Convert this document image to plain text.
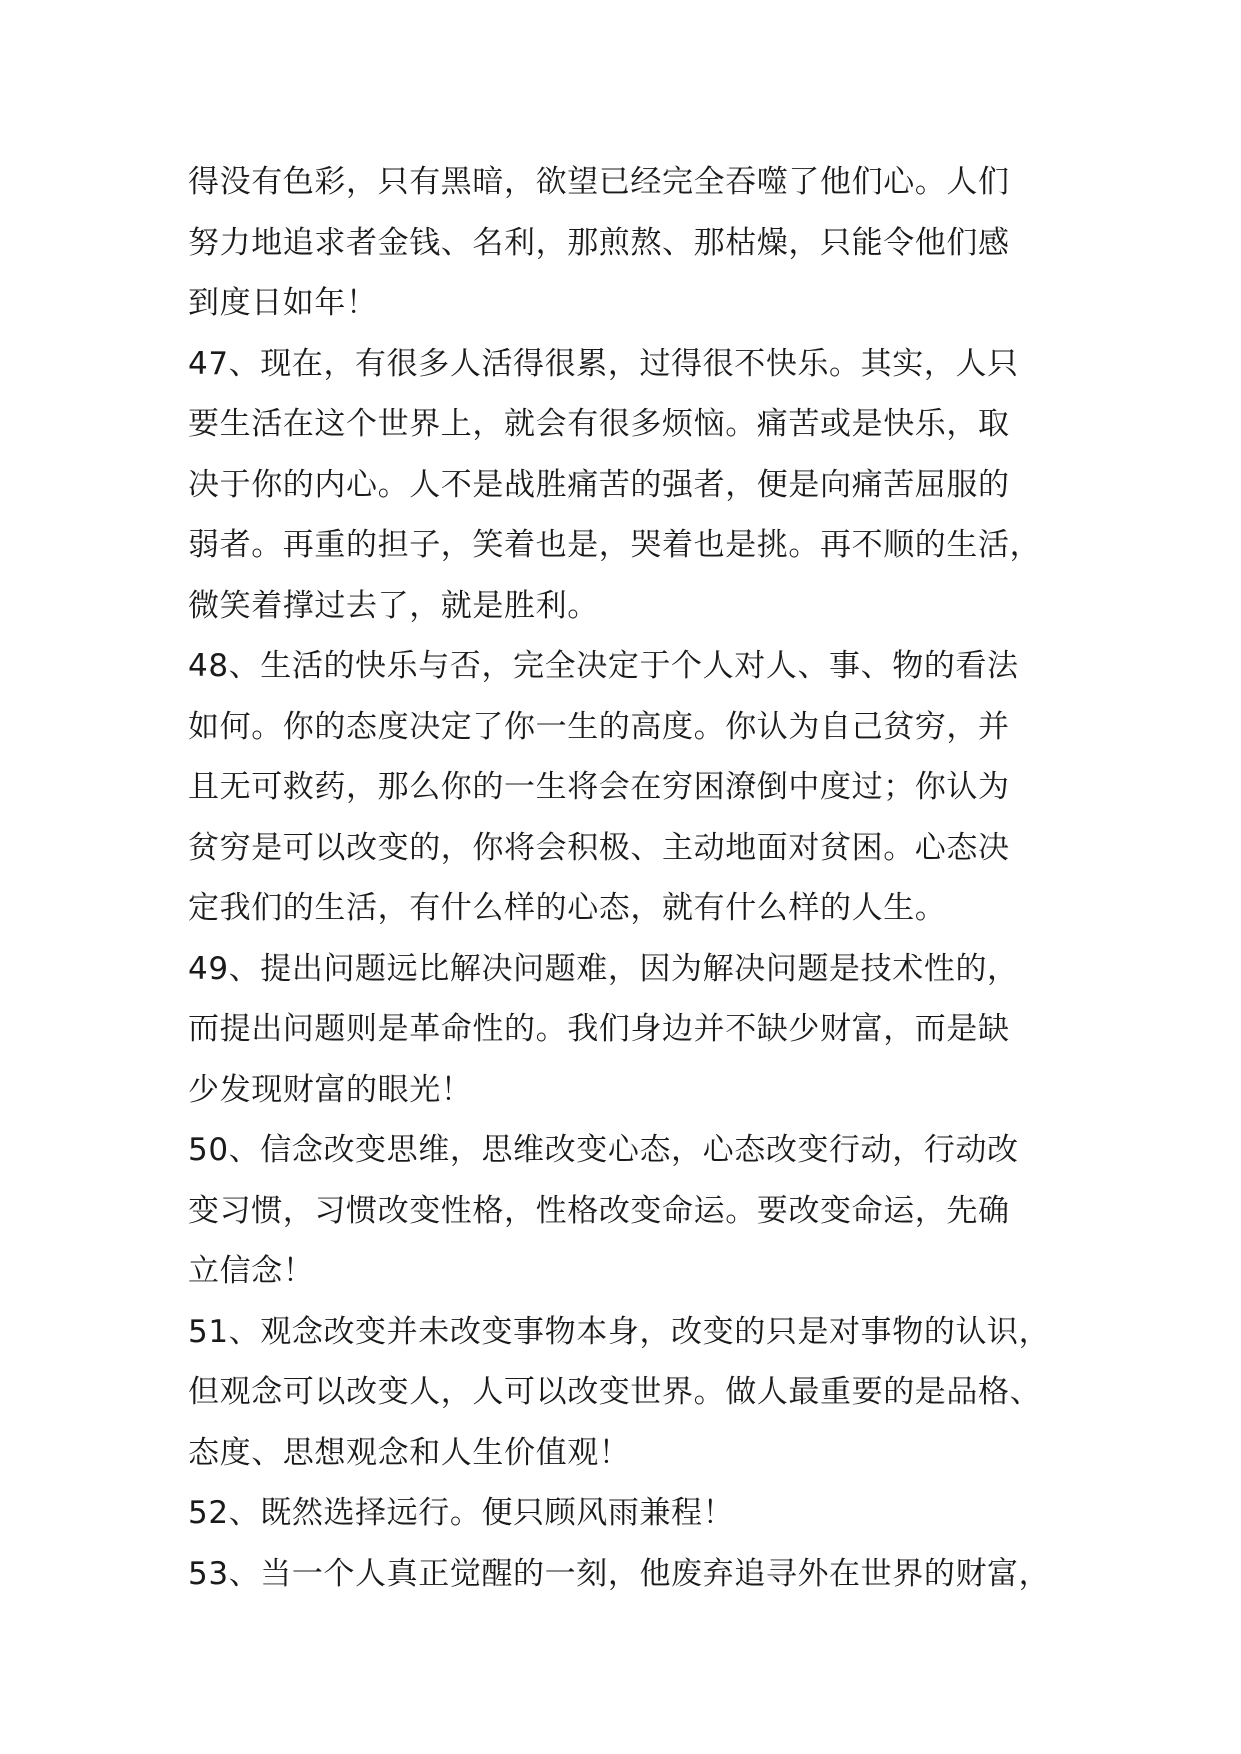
得没有色彩，只有黑暗，欲望已经完全吞噬了他们心。人们
努力地追求者金钱、名利，那煎熬、那枯燥，只能令他们感
到度日如年！
47、现在，有很多人活得很累，过得很不快乐。其实，人只
要生活在这个世界上，就会有很多烦恼。痛苦或是快乐，取
决于你的内心。人不是战胜痛苦的强者，便是向痛苦屈服的
弱者。再重的担子，笑着也是，哭着也是挑。再不顺的生活，
微笑着撑过去了，就是胜利。
48、生活的快乐与否，完全决定于个人对人、事、物的看法
如何。你的态度决定了你一生的高度。你认为自己贫穷，并
且无可救药，那么你的一生将会在穷困潦倒中度过；你认为
贫穷是可以改变的，你将会积极、主动地面对贫困。心态决
定我们的生活，有什么样的心态，就有什么样的人生。
49、提出问题远比解决问题难，因为解决问题是技术性的，
而提出问题则是革命性的。我们身边并不缺少财富，而是缺
少发现财富的眼光！
50、信念改变思维，思维改变心态，心态改变行动，行动改
变习惯，习惯改变性格，性格改变命运。要改变命运，先确
立信念！
51、观念改变并未改变事物本身，改变的只是对事物的认识，
但观念可以改变人，人可以改变世界。做人最重要的是品格、
态度、思想观念和人生价值观！
52、既然选择远行。便只顾风雨兼程！
53、当一个人真正觉醒的一刻，他废弃追寻外在世界的财富，
